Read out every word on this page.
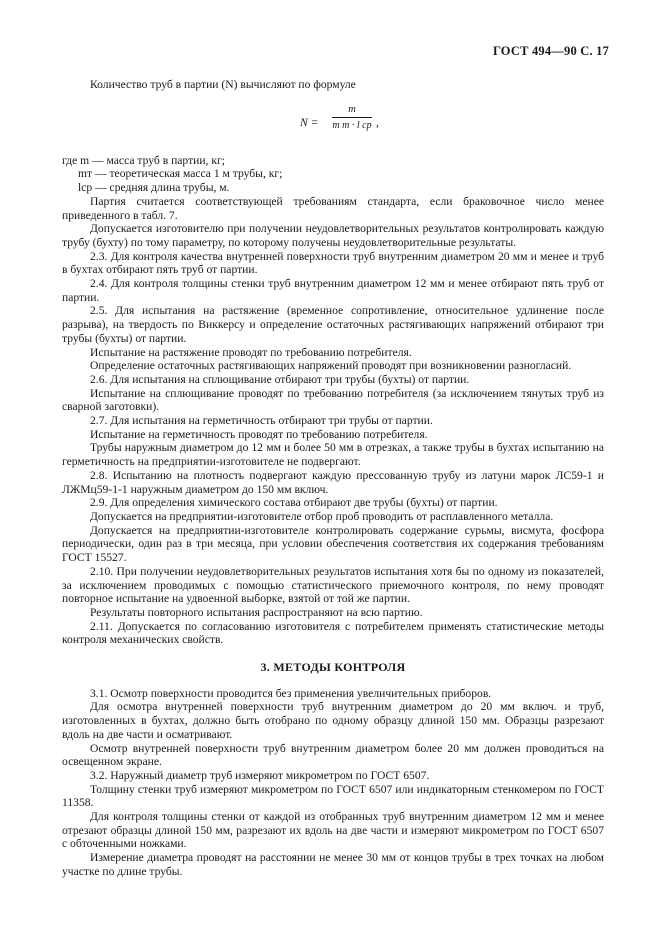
ГОСТ 494—90 С. 17

Количество труб в партии (N) вычисляют по формуле

N =
m
m т · l ср ,

где m — масса труб в партии, кг;

mт — теоретическая масса 1 м трубы, кг;

lср — средняя длина трубы, м.

Партия считается соответствующей требованиям стандарта, если браковочное число менее приведенного в табл. 7.

Допускается изготовителю при получении неудовлетворительных результатов контролировать каждую трубу (бухту) по тому параметру, по которому получены неудовлетворительные результаты.

2.3. Для контроля качества внутренней поверхности труб внутренним диаметром 20 мм и менее и труб в бухтах отбирают пять труб от партии.

2.4. Для контроля толщины стенки труб внутренним диаметром 12 мм и менее отбирают пять труб от партии.

2.5. Для испытания на растяжение (временное сопротивление, относительное удлинение после разрыва), на твердость по Виккерсу и определение остаточных растягивающих напряжений отбирают три трубы (бухты) от партии.

Испытание на растяжение проводят по требованию потребителя.

Определение остаточных растягивающих напряжений проводят при возникновении разногласий.

2.6. Для испытания на сплющивание отбирают три трубы (бухты) от партии.

Испытание на сплющивание проводят по требованию потребителя (за исключением тянутых труб из сварной заготовки).

2.7. Для испытания на герметичность отбирают три трубы от партии.

Испытание на герметичность проводят по требованию потребителя.

Трубы наружным диаметром до 12 мм и более 50 мм в отрезках, а также трубы в бухтах испытанию на герметичность на предприятии-изготовителе не подвергают.

2.8. Испытанию на плотность подвергают каждую прессованную трубу из латуни марок ЛС59-1 и ЛЖМц59-1-1 наружным диаметром до 150 мм включ.

2.9. Для определения химического состава отбирают две трубы (бухты) от партии.

Допускается на предприятии-изготовителе отбор проб проводить от расплавленного металла.

Допускается на предприятии-изготовителе контролировать содержание сурьмы, висмута, фосфора периодически, один раз в три месяца, при условии обеспечения соответствия их содержания требованиям ГОСТ 15527.

2.10. При получении неудовлетворительных результатов испытания хотя бы по одному из показателей, за исключением проводимых с помощью статистического приемочного контроля, по нему проводят повторное испытание на удвоенной выборке, взятой от той же партии.

Результаты повторного испытания распространяют на всю партию.

2.11. Допускается по согласованию изготовителя с потребителем применять статистические методы контроля механических свойств.

3. МЕТОДЫ КОНТРОЛЯ

3.1. Осмотр поверхности проводится без применения увеличительных приборов.

Для осмотра внутренней поверхности труб внутренним диаметром до 20 мм включ. и труб, изготовленных в бухтах, должно быть отобрано по одному образцу длиной 150 мм. Образцы разрезают вдоль на две части и осматривают.

Осмотр внутренней поверхности труб внутренним диаметром более 20 мм должен проводиться на освещенном экране.

3.2. Наружный диаметр труб измеряют микрометром по ГОСТ 6507.

Толщину стенки труб измеряют микрометром по ГОСТ 6507 или индикаторным стенкомером по ГОСТ 11358.

Для контроля толщины стенки от каждой из отобранных труб внутренним диаметром 12 мм и менее отрезают образцы длиной 150 мм, разрезают их вдоль на две части и измеряют микрометром по ГОСТ 6507 с обточенными ножками.

Измерение диаметра проводят на расстоянии не менее 30 мм от концов трубы в трех точках на любом участке по длине трубы.
